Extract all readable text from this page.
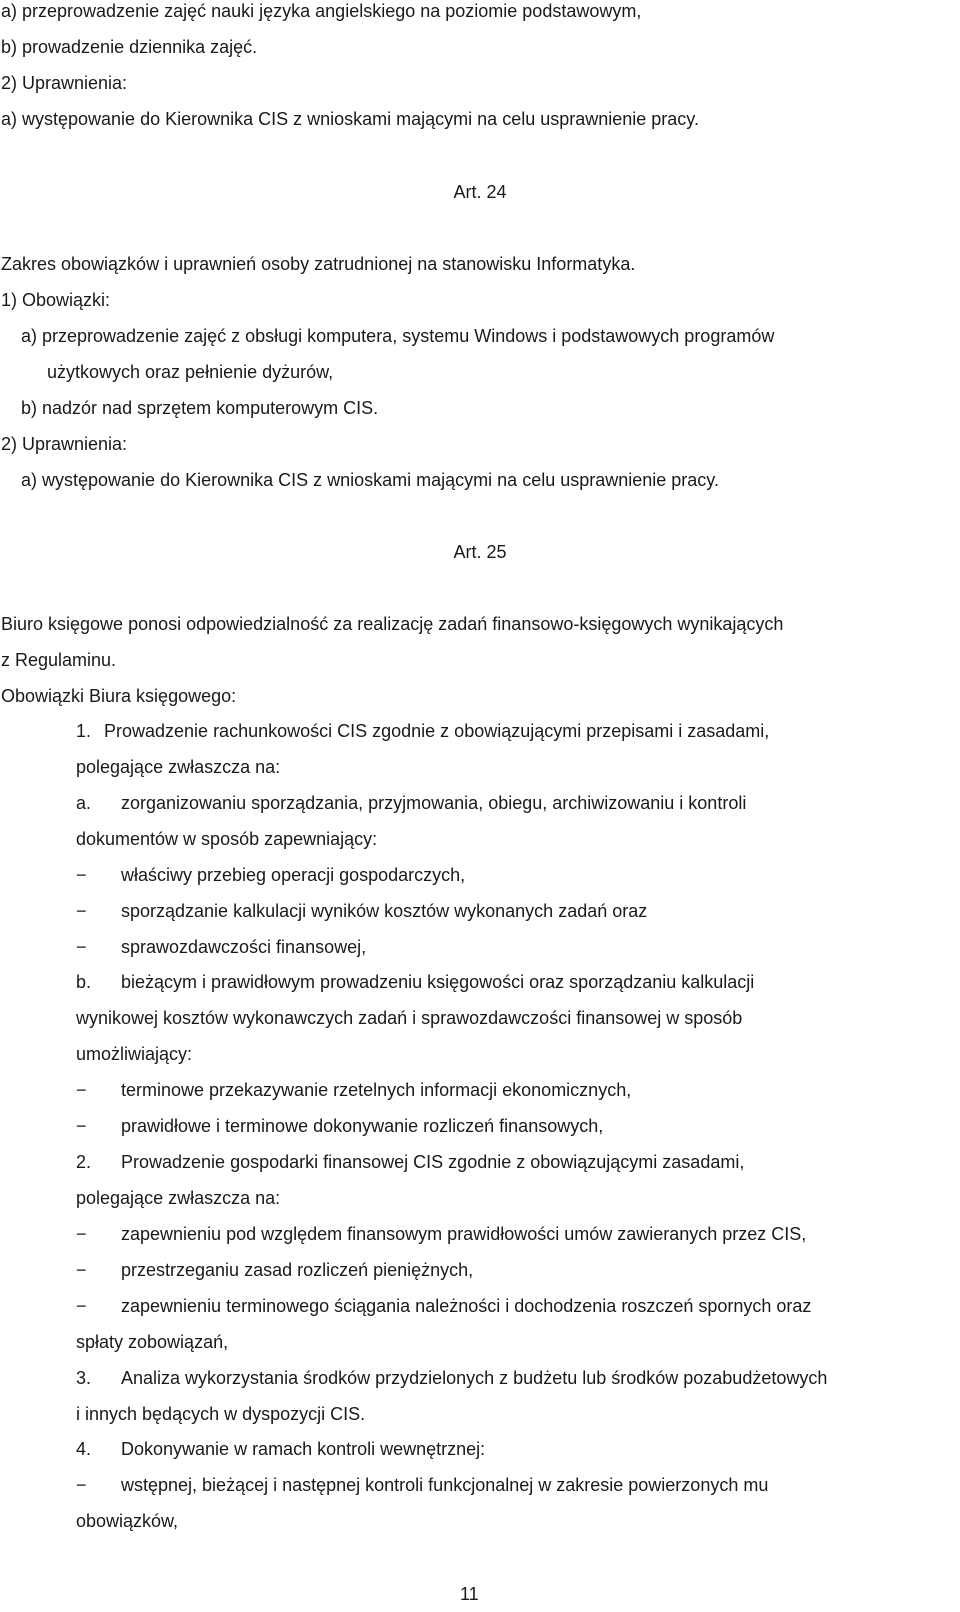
a) przeprowadzenie zajęć nauki języka angielskiego na poziomie podstawowym,
b) prowadzenie dziennika zajęć.
2) Uprawnienia:
a) występowanie do Kierownika CIS z wnioskami mającymi na celu usprawnienie pracy.
Art. 24
Zakres obowiązków i uprawnień osoby zatrudnionej na stanowisku Informatyka.
1) Obowiązki:
a) przeprowadzenie zajęć z obsługi komputera, systemu Windows i podstawowych programów
użytkowych oraz pełnienie dyżurów,
b) nadzór nad sprzętem komputerowym CIS.
2) Uprawnienia:
a) występowanie do Kierownika CIS z wnioskami mającymi na celu usprawnienie pracy.
Art. 25
Biuro księgowe ponosi odpowiedzialność za realizację zadań finansowo-księgowych wynikających
z Regulaminu.
Obowiązki Biura księgowego:
1. Prowadzenie rachunkowości CIS zgodnie z obowiązującymi przepisami i zasadami,
polegające zwłaszcza na:
a. zorganizowaniu sporządzania, przyjmowania, obiegu, archiwizowaniu i kontroli
dokumentów w sposób zapewniający:
− właściwy przebieg operacji gospodarczych,
− sporządzanie kalkulacji wyników kosztów wykonanych zadań oraz
− sprawozdawczości finansowej,
b. bieżącym i prawidłowym prowadzeniu księgowości oraz sporządzaniu kalkulacji
wynikowej kosztów wykonawczych zadań i sprawozdawczości finansowej w sposób
umożliwiający:
− terminowe przekazywanie rzetelnych informacji ekonomicznych,
− prawidłowe i terminowe dokonywanie rozliczeń finansowych,
2. Prowadzenie gospodarki finansowej CIS zgodnie z obowiązującymi zasadami,
polegające zwłaszcza na:
− zapewnieniu pod względem finansowym prawidłowości umów zawieranych przez CIS,
− przestrzeganiu zasad rozliczeń pieniężnych,
− zapewnieniu terminowego ściągania należności i dochodzenia roszczeń spornych oraz
spłaty zobowiązań,
3. Analiza wykorzystania środków przydzielonych z budżetu lub środków pozabudżetowych
i innych będących w dyspozycji CIS.
4. Dokonywanie w ramach kontroli wewnętrznej:
− wstępnej, bieżącej i następnej kontroli funkcjonalnej w zakresie powierzonych mu
obowiązków,
11
